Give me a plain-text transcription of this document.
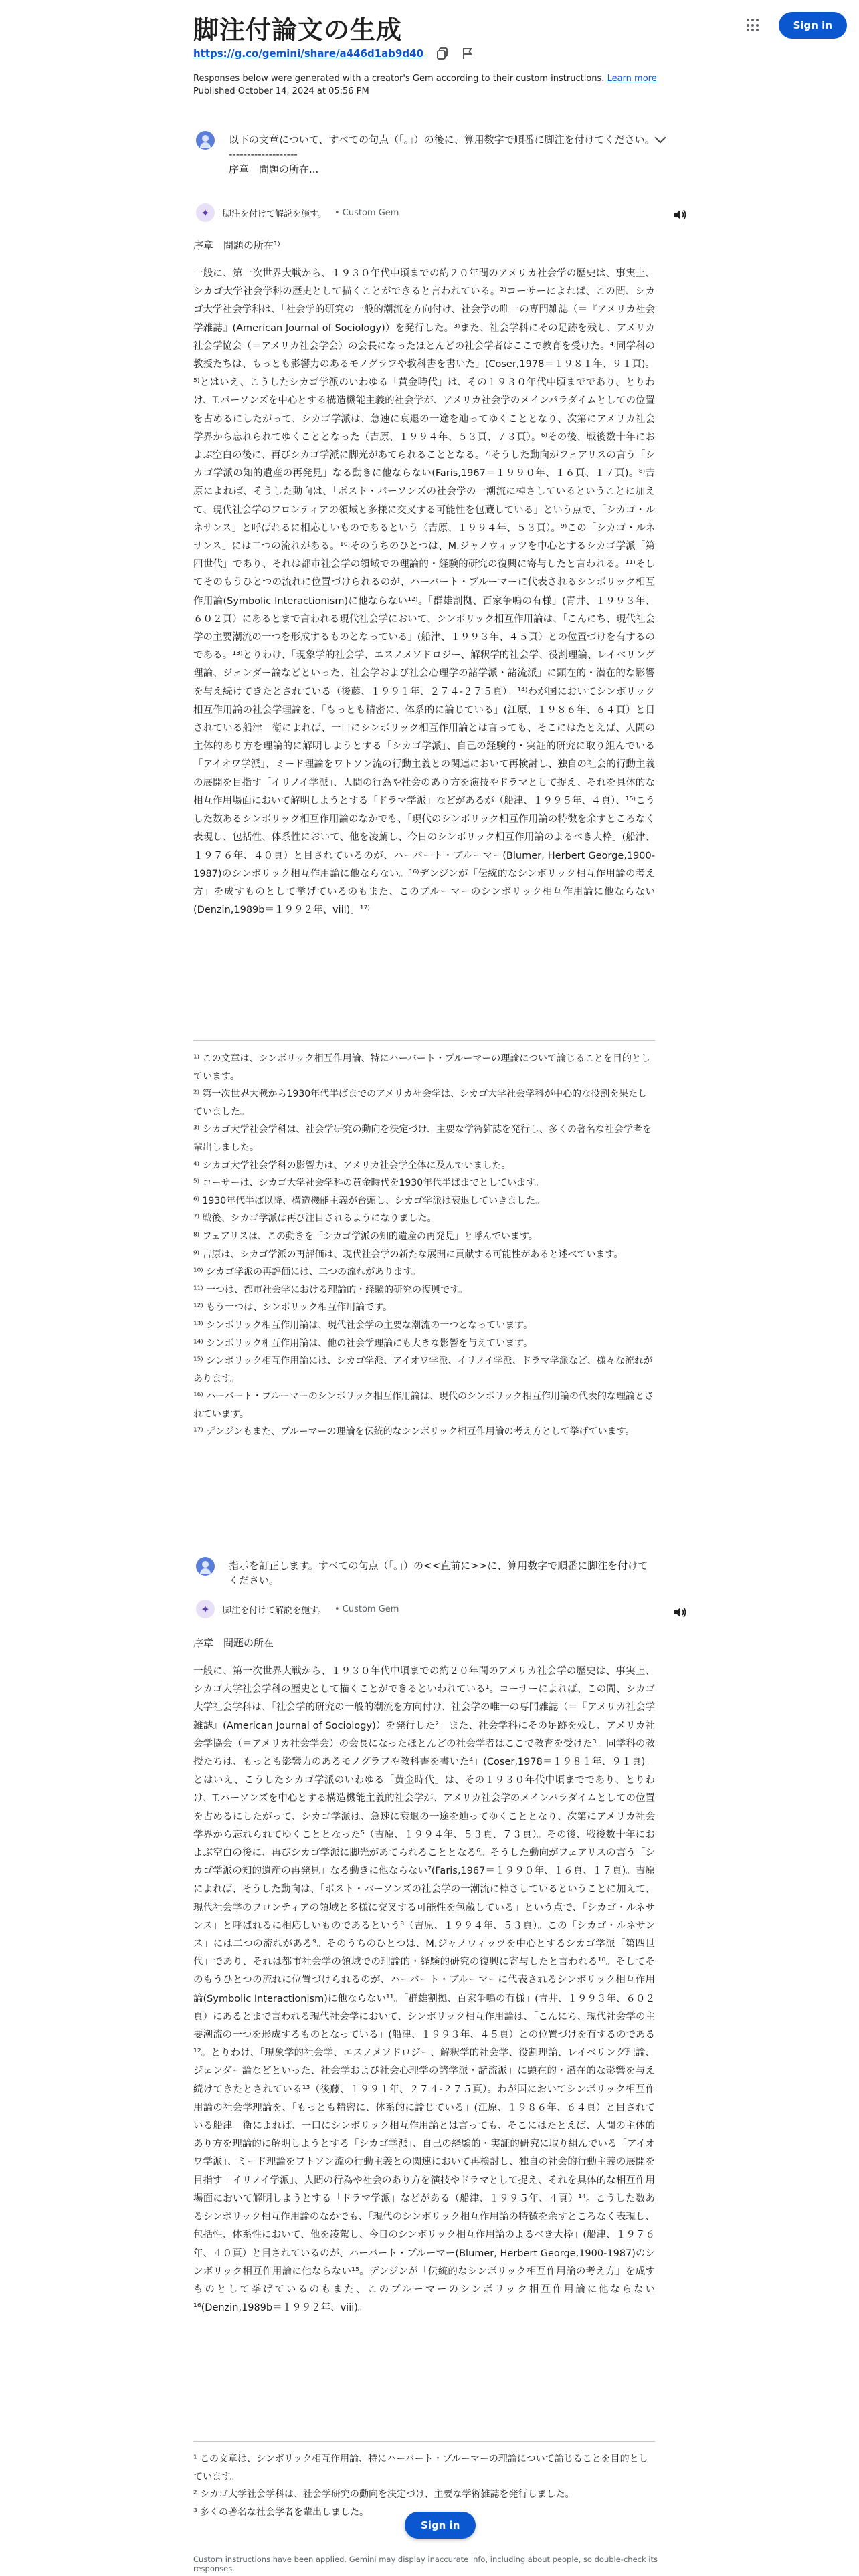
脚注付論文の生成	Sign in
https://g.co/gemini/share/a446d1ab9d40
Responses below were generated with a creator's Gem according to their custom instructions. Learn more
Published October 14, 2024 at 05:56 PM
以下の文章について、すべての句点（「。」）の後に、算用数字で順番に脚注を付けてください。
-------------------
序章　問題の所在...
✦ 脚注を付けて解説を施す。 • Custom Gem
序章　問題の所在¹⁾
一般に、第一次世界大戦から、１９３０年代中頃までの約２０年間のアメリカ社会学の歴史は、事実上、シカゴ大学社会学科の歴史として描くことができると言われている。²⁾コーサーによれば、この間、シカゴ大学社会学科は、「社会学的研究の一般的潮流を方向付け、社会学の唯一の専門雑誌（＝『アメリカ社会学雑誌』(American Journal of Sociology)）を発行した。³⁾また、社会学科にその足跡を残し、アメリカ社会学協会（＝アメリカ社会学会）の会長になったほとんどの社会学者はここで教育を受けた。⁴⁾同学科の教授たちは、もっとも影響力のあるモノグラフや教科書を書いた」(Coser,1978＝１９８１年、９１頁)。⁵⁾とはいえ、こうしたシカゴ学派のいわゆる「黄金時代」は、その１９３０年代中頃までであり、とりわけ、T.パーソンズを中心とする構造機能主義的社会学が、アメリカ社会学のメインパラダイムとしての位置を占めるにしたがって、シカゴ学派は、急速に衰退の一途を辿ってゆくこととなり、次第にアメリカ社会学界から忘れられてゆくこととなった（吉原、１９９４年、５３頁、７３頁）。⁶⁾その後、戦後数十年におよぶ空白の後に、再びシカゴ学派に脚光があてられることとなる。⁷⁾そうした動向がフェアリスの言う「シカゴ学派の知的遺産の再発見」なる動きに他ならない(Faris,1967＝１９９０年、１６頁、１７頁)。⁸⁾吉原によれば、そうした動向は、「ポスト・パーソンズの社会学の一潮流に棹さしているということに加えて、現代社会学のフロンティアの領域と多様に交叉する可能性を包蔵している」という点で、「シカゴ・ルネサンス」と呼ばれるに相応しいものであるという（吉原、１９９４年、５３頁）。⁹⁾この「シカゴ・ルネサンス」には二つの流れがある。¹⁰⁾そのうちのひとつは、M.ジャノウィッツを中心とするシカゴ学派「第四世代」であり、それは都市社会学の領域での理論的・経験的研究の復興に寄与したと言われる。¹¹⁾そしてそのもうひとつの流れに位置づけられるのが、ハーバート・ブルーマーに代表されるシンボリック相互作用論(Symbolic Interactionism)に他ならない¹²⁾。「群雄割拠、百家争鳴の有様」(青井、１９９３年、６０２頁）にあるとまで言われる現代社会学において、シンボリック相互作用論は、「こんにち、現代社会学の主要潮流の一つを形成するものとなっている」(船津、１９９３年、４５頁）との位置づけを有するのである。¹³⁾とりわけ、「現象学的社会学、エスノメソドロジー、解釈学的社会学、役割理論、レイベリング理論、ジェンダー論などといった、社会学および社会心理学の諸学派・諸流派」に顕在的・潜在的な影響を与え続けてきたとされている（後藤、１９９１年、２７４-２７５頁）。¹⁴⁾わが国においてシンボリック相互作用論の社会学理論を、「もっとも精密に、体系的に論じている」(江原、１９８６年、６４頁）と目されている船津　衛によれば、一口にシンボリック相互作用論とは言っても、そこにはたとえば、人間の主体的あり方を理論的に解明しようとする「シカゴ学派」、自己の経験的・実証的研究に取り組んでいる「アイオワ学派」、ミード理論をワトソン流の行動主義との関連において再検討し、独自の社会的行動主義の展開を目指す「イリノイ学派」、人間の行為や社会のあり方を演技やドラマとして捉え、それを具体的な相互作用場面において解明しようとする「ドラマ学派」などがあるが（船津、１９９５年、４頁）、¹⁵⁾こうした数あるシンボリック相互作用論のなかでも、「現代のシンボリック相互作用論の特徴を余すところなく表現し、包括性、体系性において、他を凌駕し、今日のシンボリック相互作用論のよるべき大枠」(船津、１９７６年、４０頁）と目されているのが、ハーバート・ブルーマー(Blumer, Herbert George,1900-1987)のシンボリック相互作用論に他ならない。¹⁶⁾デンジンが「伝統的なシンボリック相互作用論の考え方」を成すものとして挙げているのもまた、このブルーマーのシンボリック相互作用論に他ならない(Denzin,1989b＝１９９２年、viii)。¹⁷⁾

¹⁾ この文章は、シンボリック相互作用論、特にハーバート・ブルーマーの理論について論じることを目的としています。

²⁾ 第一次世界大戦から1930年代半ばまでのアメリカ社会学は、シカゴ大学社会学科が中心的な役割を果たしていました。

³⁾ シカゴ大学社会学科は、社会学研究の動向を決定づけ、主要な学術雑誌を発行し、多くの著名な社会学者を輩出しました。

⁴⁾ シカゴ大学社会学科の影響力は、アメリカ社会学全体に及んでいました。

⁵⁾ コーサーは、シカゴ大学社会学科の黄金時代を1930年代半ばまでとしています。

⁶⁾ 1930年代半ば以降、構造機能主義が台頭し、シカゴ学派は衰退していきました。

⁷⁾ 戦後、シカゴ学派は再び注目されるようになりました。

⁸⁾ フェアリスは、この動きを「シカゴ学派の知的遺産の再発見」と呼んでいます。

⁹⁾ 吉原は、シカゴ学派の再評価は、現代社会学の新たな展開に貢献する可能性があると述べています。

¹⁰⁾ シカゴ学派の再評価には、二つの流れがあります。

¹¹⁾ 一つは、都市社会学における理論的・経験的研究の復興です。

¹²⁾ もう一つは、シンボリック相互作用論です。

¹³⁾ シンボリック相互作用論は、現代社会学の主要な潮流の一つとなっています。

¹⁴⁾ シンボリック相互作用論は、他の社会学理論にも大きな影響を与えています。

¹⁵⁾ シンボリック相互作用論には、シカゴ学派、アイオワ学派、イリノイ学派、ドラマ学派など、様々な流れがあります。

¹⁶⁾ ハーバート・ブルーマーのシンボリック相互作用論は、現代のシンボリック相互作用論の代表的な理論とされています。

¹⁷⁾ デンジンもまた、ブルーマーの理論を伝統的なシンボリック相互作用論の考え方として挙げています。

指示を訂正します。すべての句点（「。」）の<<直前に>>に、算用数字で順番に脚注を付けてください。
✦ 脚注を付けて解説を施す。 • Custom Gem
序章　問題の所在
一般に、第一次世界大戦から、１９３０年代中頃までの約２０年間のアメリカ社会学の歴史は、事実上、シカゴ大学社会学科の歴史として描くことができるといわれている¹。コーサーによれば、この間、シカゴ大学社会学科は、「社会学的研究の一般的潮流を方向付け、社会学の唯一の専門雑誌（＝『アメリカ社会学雑誌』(American Journal of Sociology)）を発行した²。また、社会学科にその足跡を残し、アメリカ社会学協会（＝アメリカ社会学会）の会長になったほとんどの社会学者はここで教育を受けた³。同学科の教授たちは、もっとも影響力のあるモノグラフや教科書を書いた⁴」(Coser,1978＝１９８１年、９１頁)。とはいえ、こうしたシカゴ学派のいわゆる「黄金時代」は、その１９３０年代中頃までであり、とりわけ、T.パーソンズを中心とする構造機能主義的社会学が、アメリカ社会学のメインパラダイムとしての位置を占めるにしたがって、シカゴ学派は、急速に衰退の一途を辿ってゆくこととなり、次第にアメリカ社会学界から忘れられてゆくこととなった⁵（吉原、１９９４年、５３頁、７３頁）。その後、戦後数十年におよぶ空白の後に、再びシカゴ学派に脚光があてられることとなる⁶。そうした動向がフェアリスの言う「シカゴ学派の知的遺産の再発見」なる動きに他ならない⁷(Faris,1967＝１９９０年、１６頁、１７頁)。吉原によれば、そうした動向は、「ポスト・パーソンズの社会学の一潮流に棹さしているということに加えて、現代社会学のフロンティアの領域と多様に交叉する可能性を包蔵している」という点で、「シカゴ・ルネサンス」と呼ばれるに相応しいものであるという⁸（吉原、１９９４年、５３頁）。この「シカゴ・ルネサンス」には二つの流れがある⁹。そのうちのひとつは、M.ジャノウィッツを中心とするシカゴ学派「第四世代」であり、それは都市社会学の領域での理論的・経験的研究の復興に寄与したと言われる¹⁰。そしてそのもうひとつの流れに位置づけられるのが、ハーバート・ブルーマーに代表されるシンボリック相互作用論(Symbolic Interactionism)に他ならない¹¹。「群雄割拠、百家争鳴の有様」(青井、１９９３年、６０２頁）にあるとまで言われる現代社会学において、シンボリック相互作用論は、「こんにち、現代社会学の主要潮流の一つを形成するものとなっている」(船津、１９９３年、４５頁）との位置づけを有するのである¹²。とりわけ、「現象学的社会学、エスノメソドロジー、解釈学的社会学、役割理論、レイベリング理論、ジェンダー論などといった、社会学および社会心理学の諸学派・諸流派」に顕在的・潜在的な影響を与え続けてきたとされている¹³（後藤、１９９１年、２７４-２７５頁）。わが国においてシンボリック相互作用論の社会学理論を、「もっとも精密に、体系的に論じている」(江原、１９８６年、６４頁）と目されている船津　衛によれば、一口にシンボリック相互作用論とは言っても、そこにはたとえば、人間の主体的あり方を理論的に解明しようとする「シカゴ学派」、自己の経験的・実証的研究に取り組んでいる「アイオワ学派」、ミード理論をワトソン流の行動主義との関連において再検討し、独自の社会的行動主義の展開を目指す「イリノイ学派」、人間の行為や社会のあり方を演技やドラマとして捉え、それを具体的な相互作用場面において解明しようとする「ドラマ学派」などがある（船津、１９９５年、４頁）¹⁴。こうした数あるシンボリック相互作用論のなかでも、「現代のシンボリック相互作用論の特徴を余すところなく表現し、包括性、体系性において、他を凌駕し、今日のシンボリック相互作用論のよるべき大枠」(船津、１９７６年、４０頁）と目されているのが、ハーバート・ブルーマー(Blumer, Herbert George,1900-1987)のシンボリック相互作用論に他ならない¹⁵。デンジンが「伝統的なシンボリック相互作用論の考え方」を成すものとして挙げているのもまた、このブルーマーのシンボリック相互作用論に他ならない¹⁶(Denzin,1989b＝１９９２年、viii)。

¹ この文章は、シンボリック相互作用論、特にハーバート・ブルーマーの理論について論じることを目的としています。

² シカゴ大学社会学科は、社会学研究の動向を決定づけ、主要な学術雑誌を発行しました。

³ 多くの著名な社会学者を輩出しました。

Sign in
Custom instructions have been applied. Gemini may display inaccurate info, including about people, so double-check its responses.
